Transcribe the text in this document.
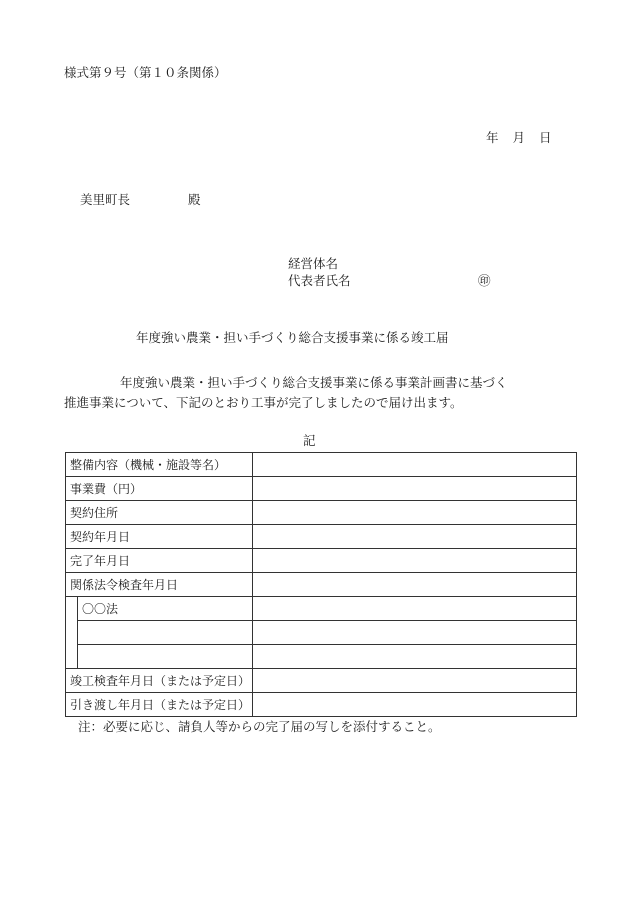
様式第９号（第１０条関係）
年 月 日
美里町長	殿
経営体名
代表者氏名	㊞
年度強い農業・担い手づくり総合支援事業に係る竣工届
年度強い農業・担い手づくり総合支援事業に係る事業計画書に基づく
推進事業について、下記のとおり工事が完了しましたので届け出ます。
記
整備内容（機械・施設等名）		
事業費（円）		
契約住所		
契約年月日		
完了年月日		
関係法令検査年月日		
	〇〇法	

竣工検査年月日（または予定日）		
引き渡し年月日（または予定日）		
注：必要に応じ、請負人等からの完了届の写しを添付すること。
